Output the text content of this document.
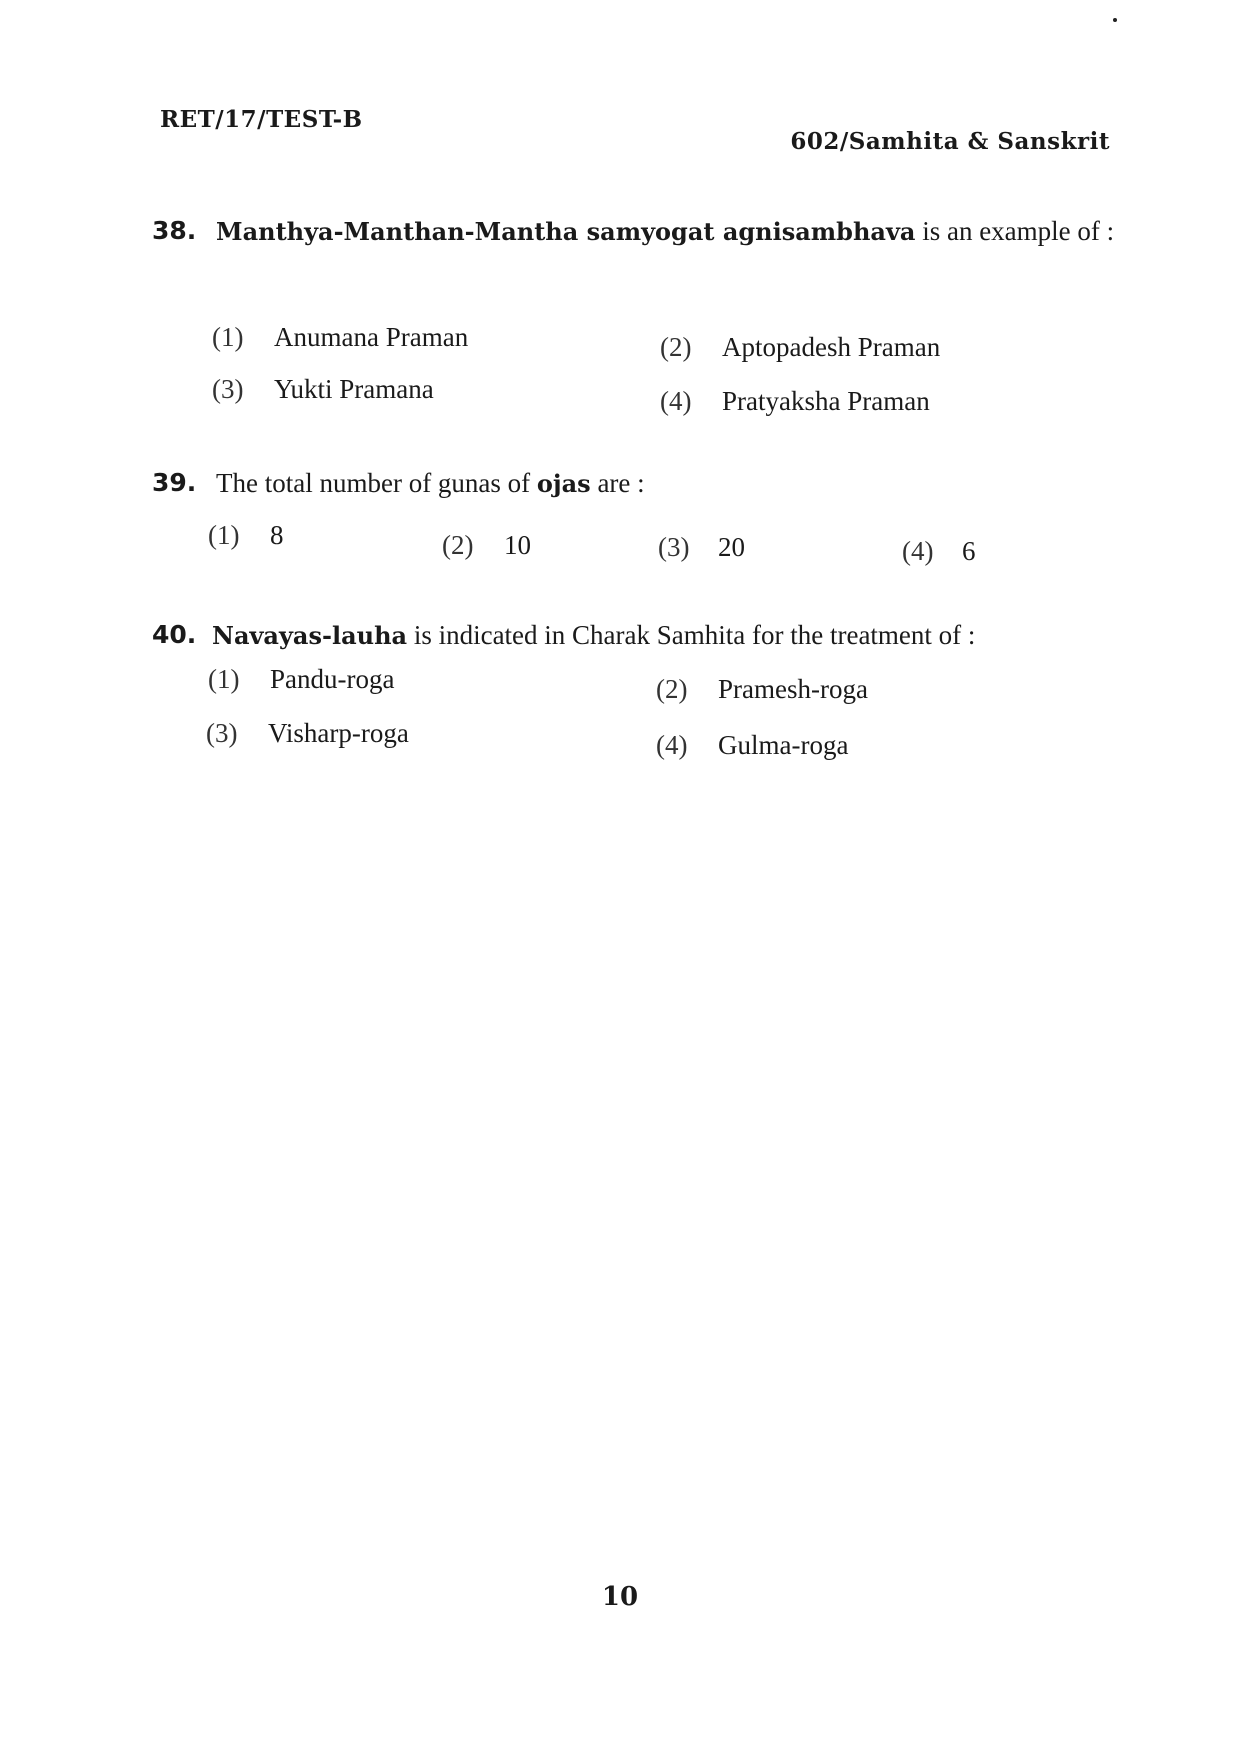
RET/17/TEST-B
602/Samhita & Sanskrit
38. Manthya-Manthan-Mantha samyogat agnisambhava is an example of :
(1) Anumana Praman	(2) Aptopadesh Praman
(3) Yukti Pramana	(4) Pratyaksha Praman
39. The total number of gunas of ojas are :
(1) 8	(2) 10	(3) 20	(4) 6
40. Navayas-lauha is indicated in Charak Samhita for the treatment of :
(1) Pandu-roga	(2) Pramesh-roga
(3) Visharp-roga	(4) Gulma-roga
10
